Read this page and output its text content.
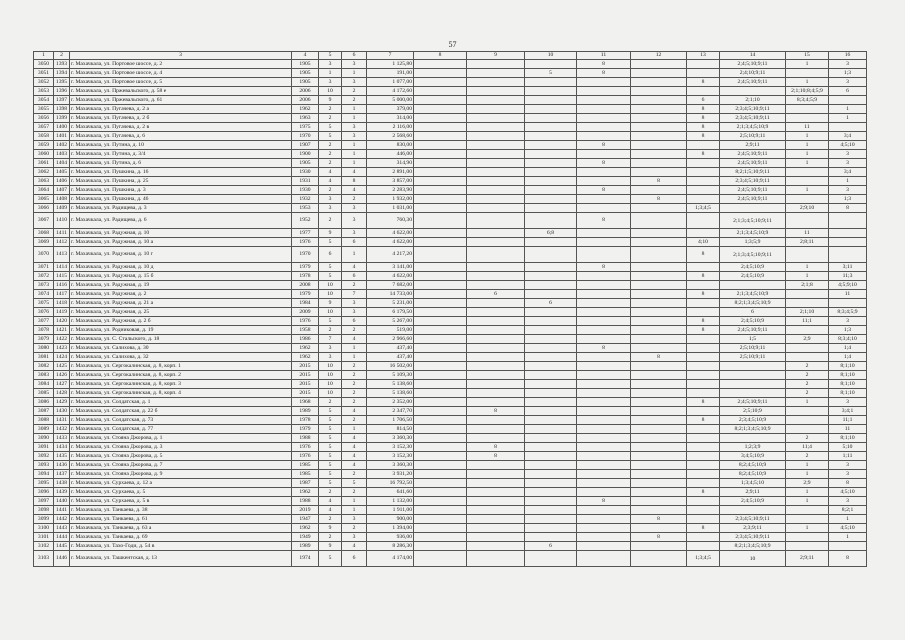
57
1	2	3	4	5	6	7	8	9	10	11	12	13	14	15	16
3050	1393	г. Махачкала, ул. Портовое шоссе, д. 2	1905	3	3	1 125,80				8			2;4;5;10;9;11	1	3
3051	1394	г. Махачкала, ул. Портовое шоссе, д. 4	1905	1	1	191,00			5	8			2;4;10;9;11		1;3
3052	1395	г. Махачкала, ул. Портовое шоссе, д. 5	1905	3	3	1 077,00						8	2;4;5;10;9;11	1	3
3053	1396	г. Махачкала, ул. Пржевальского, д. 58 е	2006	10	2	4 172,60								2;1;10;8;4;5;9	6
3054	1397	г. Махачкала, ул. Пржевальского, д. 61	2006	9	2	5 000,00						6	2;1;10	8;3;4;5;9	
3055	1398	г. Махачкала, ул. Пугачева, д. 2 а	1962	2	1	379,00						8	2;3;4;5;10;9;11		1
3056	1399	г. Махачкала, ул. Пугачева, д. 2 б	1963	2	1	314,00						8	2;3;4;5;10;9;11		1
3057	1400	г. Махачкала, ул. Пугачева, д. 2 в	1975	5	3	2 116,00						8	2;1;3;4;5;10;9	11	
3058	1401	г. Махачкала, ул. Пугачева, д. 6	1970	5	3	2 568,60						8	2;5;10;9;11	1	3;4
3059	1402	г. Махачкала, ул. Путина, д. 10	1907	2	1	830,00				8			2;9;11	1	4;5;10
3060	1403	г. Махачкала, ул. Путина, д. 3/4	1900	2	1	446,00						8	2;4;5;10;9;11	1	3
3061	1404	г. Махачкала, ул. Путина, д. 6	1905	2	1	314,90				8			2;4;5;10;9;11	1	3
3062	1405	г. Махачкала, ул. Пушкина, д. 16	1930	4	4	2 891,00							8;2;1;5;10;9;11		3;4
3063	1406	г. Махачкала, ул. Пушкина, д. 25	1931	4	8	3 857,00					8		2;3;4;5;10;9;11		1
3064	1407	г. Махачкала, ул. Пушкина, д. 3	1930	2	4	2 283,90				8			2;4;5;10;9;11	1	3
3065	1408	г. Махачкала, ул. Пушкина, д. 46	1932	3	2	1 932,00					8		2;4;5;10;9;11		1;3
3066	1409	г. Махачкала, ул. Радищева, д. 3	1953	3	3	1 031,00						1;3;4;5		2;9;10	8
3067	1410	г. Махачкала, ул. Радищева, д. 6	1952	2	3	760,30				8			2;1;3;4;5;10;9;11		
3068	1411	г. Махачкала, ул. Радужная, д. 10	1977	9	3	4 622,00			6;8				2;1;3;4;5;10;9	11	
3069	1412	г. Махачкала, ул. Радужная, д. 10 а	1976	5	6	4 622,00						4;10	1;3;5;9	2;8;11	
3070	1413	г. Махачкала, ул. Радужная, д. 10 г	1970	6	1	4 217,20						8	2;1;3;4;5;10;9;11		
3071	1414	г. Махачкала, ул. Радужная, д. 10 д	1979	5	4	3 141,00				8			2;4;5;10;9	1	3;11
3072	1415	г. Махачкала, ул. Радужная, д. 15 б	1978	5	6	4 622,00						8	2;4;5;10;9	1	11;3
3073	1416	г. Махачкала, ул. Радужная, д. 19	2008	10	2	7 682,00								2;1;8	4;5;9;10
3074	1417	г. Махачкала, ул. Радужная, д. 2	1979	10	7	14 733,00		6				8	2;1;3;4;5;10;9		11
3075	1418	г. Махачкала, ул. Радужная, д. 21 а	1984	9	3	5 231,00			6				8;2;1;3;4;5;10;9		
3076	1419	г. Махачкала, ул. Радужная, д. 25	2009	10	3	6 179,50							6	2;1;10	8;3;4;5;9
3077	1420	г. Махачкала, ул. Радужная, д. 2 б	1976	5	6	5 267,00						8	2;4;5;10;9	11;1	3
3078	1421	г. Махачкала, ул. Родниковая, д. 19	1958	2	2	519,00						8	2;4;5;10;9;11		1;3
3079	1422	г. Махачкала, ул. С. Стальского, д. 18	1986	7	4	2 966,60							1;5	2;9	8;3;4;10
3080	1423	г. Махачкала, ул. Салихова, д. 30	1962	3	1	437,40				8			2;5;10;9;11		1;4
3081	1424	г. Махачкала, ул. Салихова, д. 32	1962	3	1	437,40					8		2;5;10;9;11		1;4
3082	1425	г. Махачкала, ул. Сергокалинская, д. 8, корп. 1	2015	10	2	16 502,00								2	8;1;10
3083	1426	г. Махачкала, ул. Сергокалинская, д. 8, корп. 2	2015	10	2	5 109,30								2	8;1;10
3084	1427	г. Махачкала, ул. Сергокалинская, д. 8, корп. 3	2015	10	2	5 138,60								2	8;1;10
3085	1428	г. Махачкала, ул. Сергокалинская, д. 8, корп. 4	2015	10	2	5 138,60								2	8;1;10
3086	1429	г. Махачкала, ул. Солдатская, д. 1	1968	2	2	2 352,00						8	2;4;5;10;9;11	1	3
3087	1430	г. Махачкала, ул. Солдатская, д. 22 б	1989	5	4	2 347,70		8					2;5;10;9		3;4;1
3088	1431	г. Махачкала, ул. Солдатская, д. 73	1978	5	2	1 706,50						8	2;3;4;5;10;9		11;1
3089	1432	г. Махачкала, ул. Солдатская, д. 77	1979	5	1	814,50							8;2;1;3;4;5;10;9		11
3090	1433	г. Махачкала, ул. Стояна Джорова, д. 1	1988	5	4	3 360,30								2	8;1;10
3091	1434	г. Махачкала, ул. Стояна Джорова, д. 3	1976	5	4	3 152,30		8					1;2;3;9	11;4	5;10
3092	1435	г. Махачкала, ул. Стояна Джорова, д. 5	1976	5	4	3 152,30		8					3;4;5;10;9	2	1;11
3093	1436	г. Махачкала, ул. Стояна Джорова, д. 7	1985	5	4	3 360,30							8;2;4;5;10;9	1	3
3094	1437	г. Махачкала, ул. Стояна Джорова, д. 9	1985	5	2	3 931,20							8;2;4;5;10;9	1	3
3095	1438	г. Махачкала, ул. Сурхаева, д. 12 а	1987	5	5	16 792,50							1;3;4;5;10	2;9	8
3096	1439	г. Махачкала, ул. Сурхаева, д. 5	1962	2	2	641,60						8	2;9;11	1	4;5;10
3097	1440	г. Махачкала, ул. Сурхаева, д. 5 в	1988	4	1	1 132,00				8			2;4;5;10;9	1	3
3098	1441	г. Махачкала, ул. Танкаева, д. 38	2019	4	1	1 911,00									8;2;1
3099	1442	г. Махачкала, ул. Танкаева, д. 61	1947	2	3	900,00					8		2;3;4;5;10;9;11		1
3100	1443	г. Махачкала, ул. Танкаева, д. 63 а	1962	9	2	1 394,00						8	2;3;9;11	1	4;5;10
3101	1444	г. Махачкала, ул. Танкаева, д. 69	1949	2	3	936,00					8		2;3;4;5;10;9;11		1
3102	1445	г. Махачкала, ул. Тахо-Годи, д. 54 в	1989	9	4	8 286,30			6				8;2;1;3;4;5;10;9		
3103	1446	г. Махачкала, ул. Ташкентская, д. 13	1974	5	6	4 174,00						1;3;4;5	10	2;9;11	8
